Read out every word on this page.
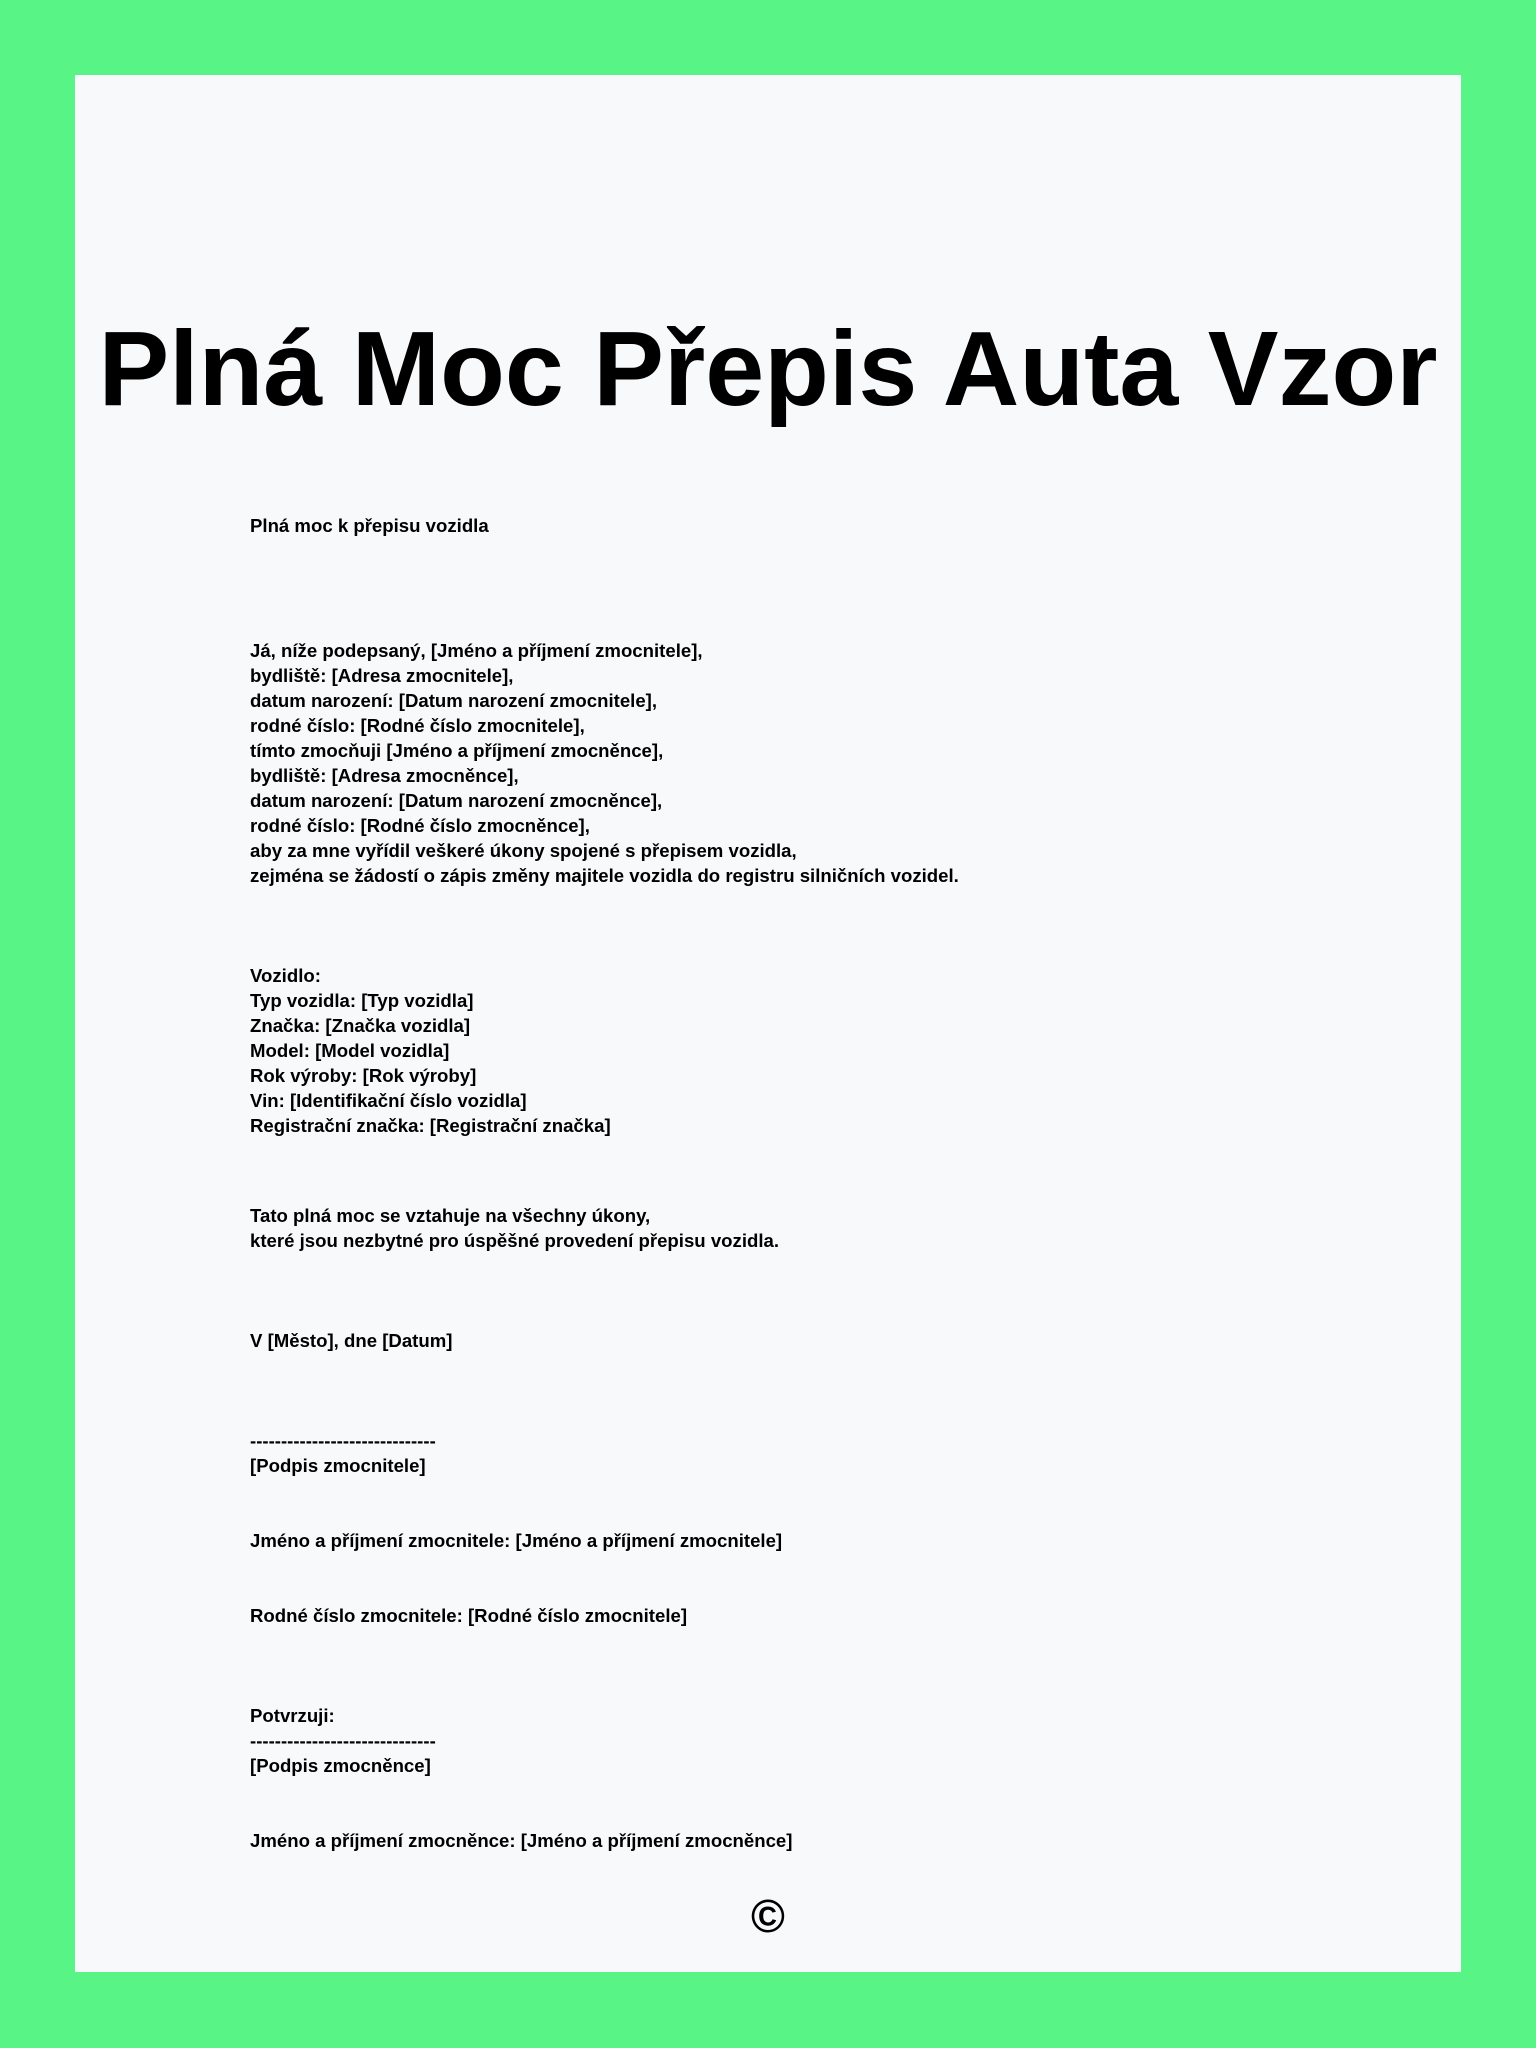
Plná Moc Přepis Auta Vzor
Plná moc k přepisu vozidla
Já, níže podepsaný, [Jméno a příjmení zmocnitele],
bydliště: [Adresa zmocnitele],
datum narození: [Datum narození zmocnitele],
rodné číslo: [Rodné číslo zmocnitele],
tímto zmocňuji [Jméno a příjmení zmocněnce],
bydliště: [Adresa zmocněnce],
datum narození: [Datum narození zmocněnce],
rodné číslo: [Rodné číslo zmocněnce],
aby za mne vyřídil veškeré úkony spojené s přepisem vozidla,
zejména se žádostí o zápis změny majitele vozidla do registru silničních vozidel.
Vozidlo:
Typ vozidla: [Typ vozidla]
Značka: [Značka vozidla]
Model: [Model vozidla]
Rok výroby: [Rok výroby]
Vin: [Identifikační číslo vozidla]
Registrační značka: [Registrační značka]
Tato plná moc se vztahuje na všechny úkony,
které jsou nezbytné pro úspěšné provedení přepisu vozidla.
V [Město], dne [Datum]
------------------------------
[Podpis zmocnitele]
Jméno a příjmení zmocnitele: [Jméno a příjmení zmocnitele]
Rodné číslo zmocnitele: [Rodné číslo zmocnitele]
Potvrzuji:
------------------------------
[Podpis zmocněnce]
Jméno a příjmení zmocněnce: [Jméno a příjmení zmocněnce]
©
